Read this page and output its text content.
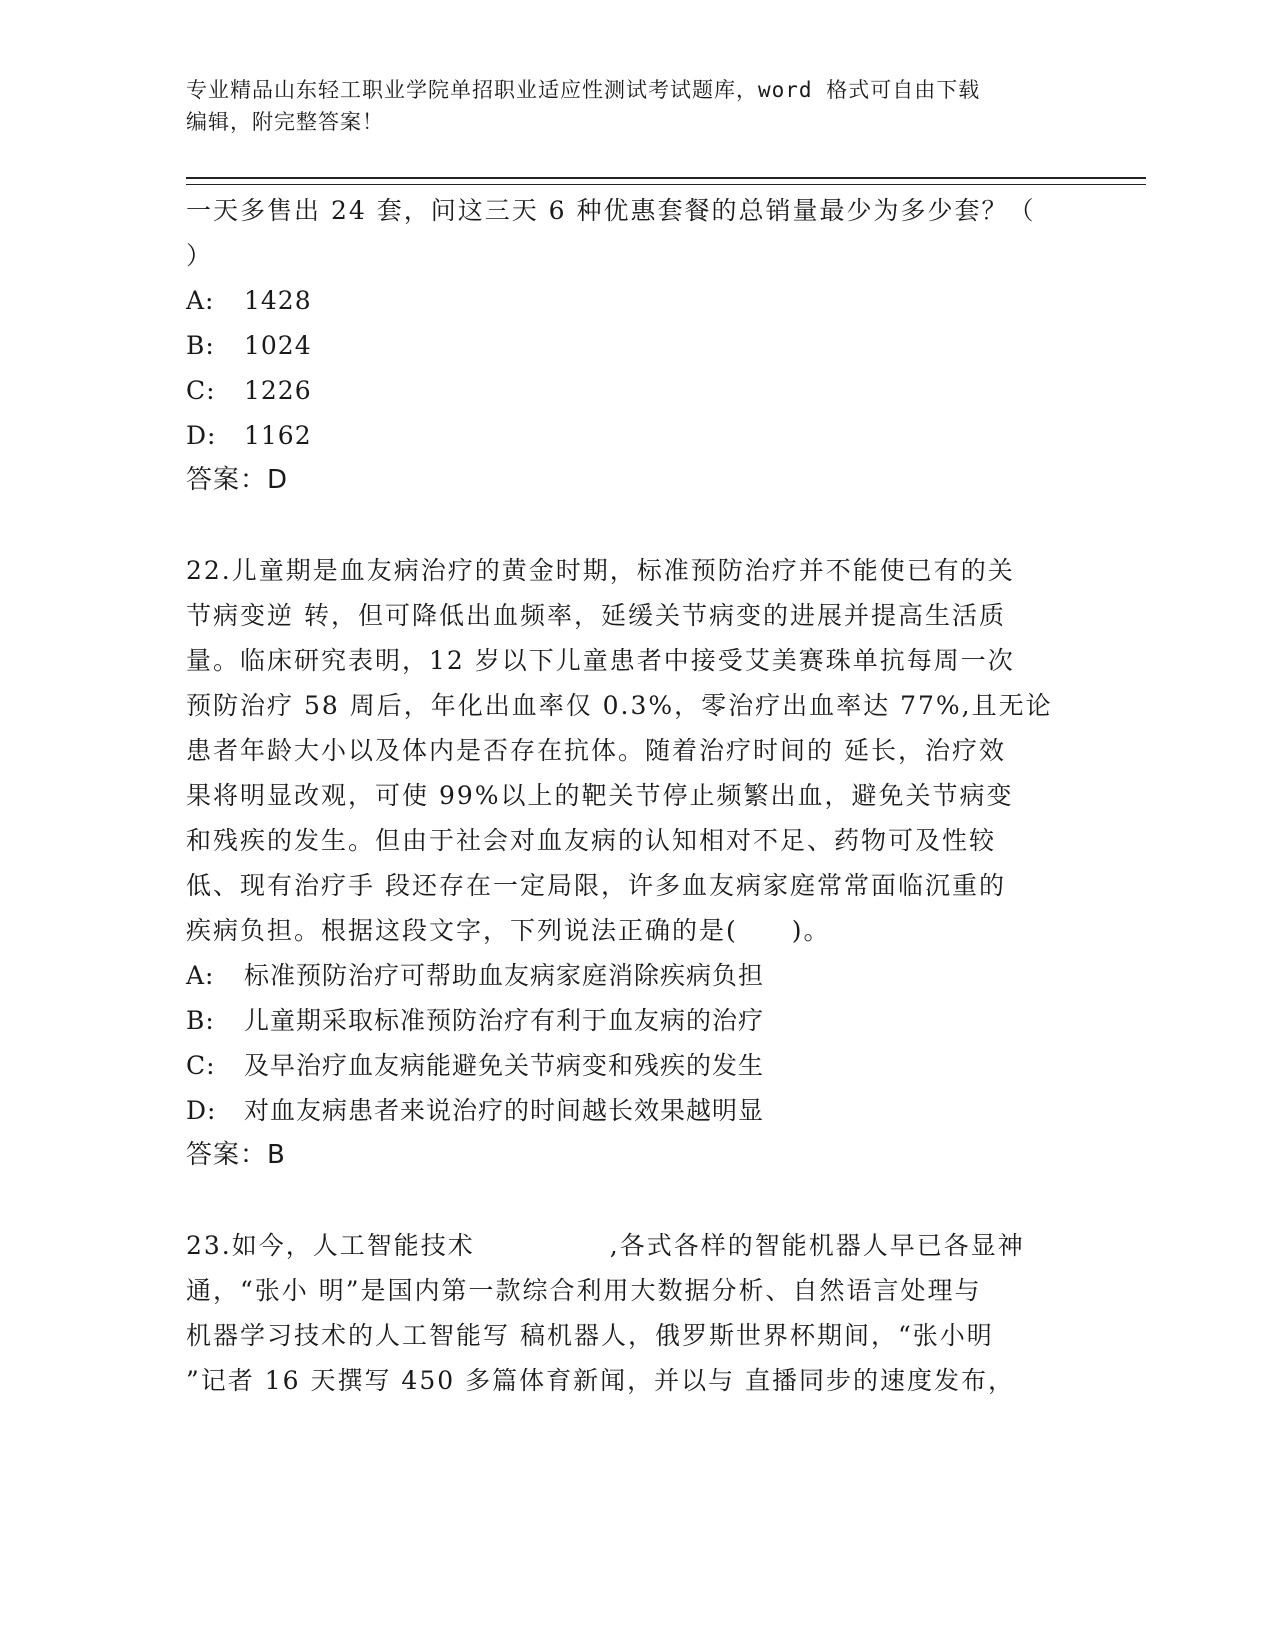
专业精品山东轻工职业学院单招职业适应性测试考试题库，word 格式可自由下载
编辑，附完整答案！
一天多售出 24 套，问这三天 6 种优惠套餐的总销量最少为多少套？（
）
A: 1428
B: 1024
C: 1226
D: 1162
答案：D
22.儿童期是血友病治疗的黄金时期，标准预防治疗并不能使已有的关
节病变逆 转，但可降低出血频率，延缓关节病变的进展并提高生活质
量。临床研究表明，12 岁以下儿童患者中接受艾美赛珠单抗每周一次
预防治疗 58 周后，年化出血率仅 0.3%，零治疗出血率达 77%,且无论
患者年龄大小以及体内是否存在抗体。随着治疗时间的 延长，治疗效
果将明显改观，可使 99%以上的靶关节停止频繁出血，避免关节病变
和残疾的发生。但由于社会对血友病的认知相对不足、药物可及性较
低、现有治疗手 段还存在一定局限，许多血友病家庭常常面临沉重的
疾病负担。根据这段文字，下列说法正确的是(　　)。
A: 标准预防治疗可帮助血友病家庭消除疾病负担
B: 儿童期采取标准预防治疗有利于血友病的治疗
C: 及早治疗血友病能避免关节病变和残疾的发生
D: 对血友病患者来说治疗的时间越长效果越明显
答案：B
23.如今，人工智能技术　　　　　,各式各样的智能机器人早已各显神
通，“张小 明”是国内第一款综合利用大数据分析、自然语言处理与
机器学习技术的人工智能写 稿机器人，俄罗斯世界杯期间，“张小明
”记者 16 天撰写 450 多篇体育新闻，并以与 直播同步的速度发布，
